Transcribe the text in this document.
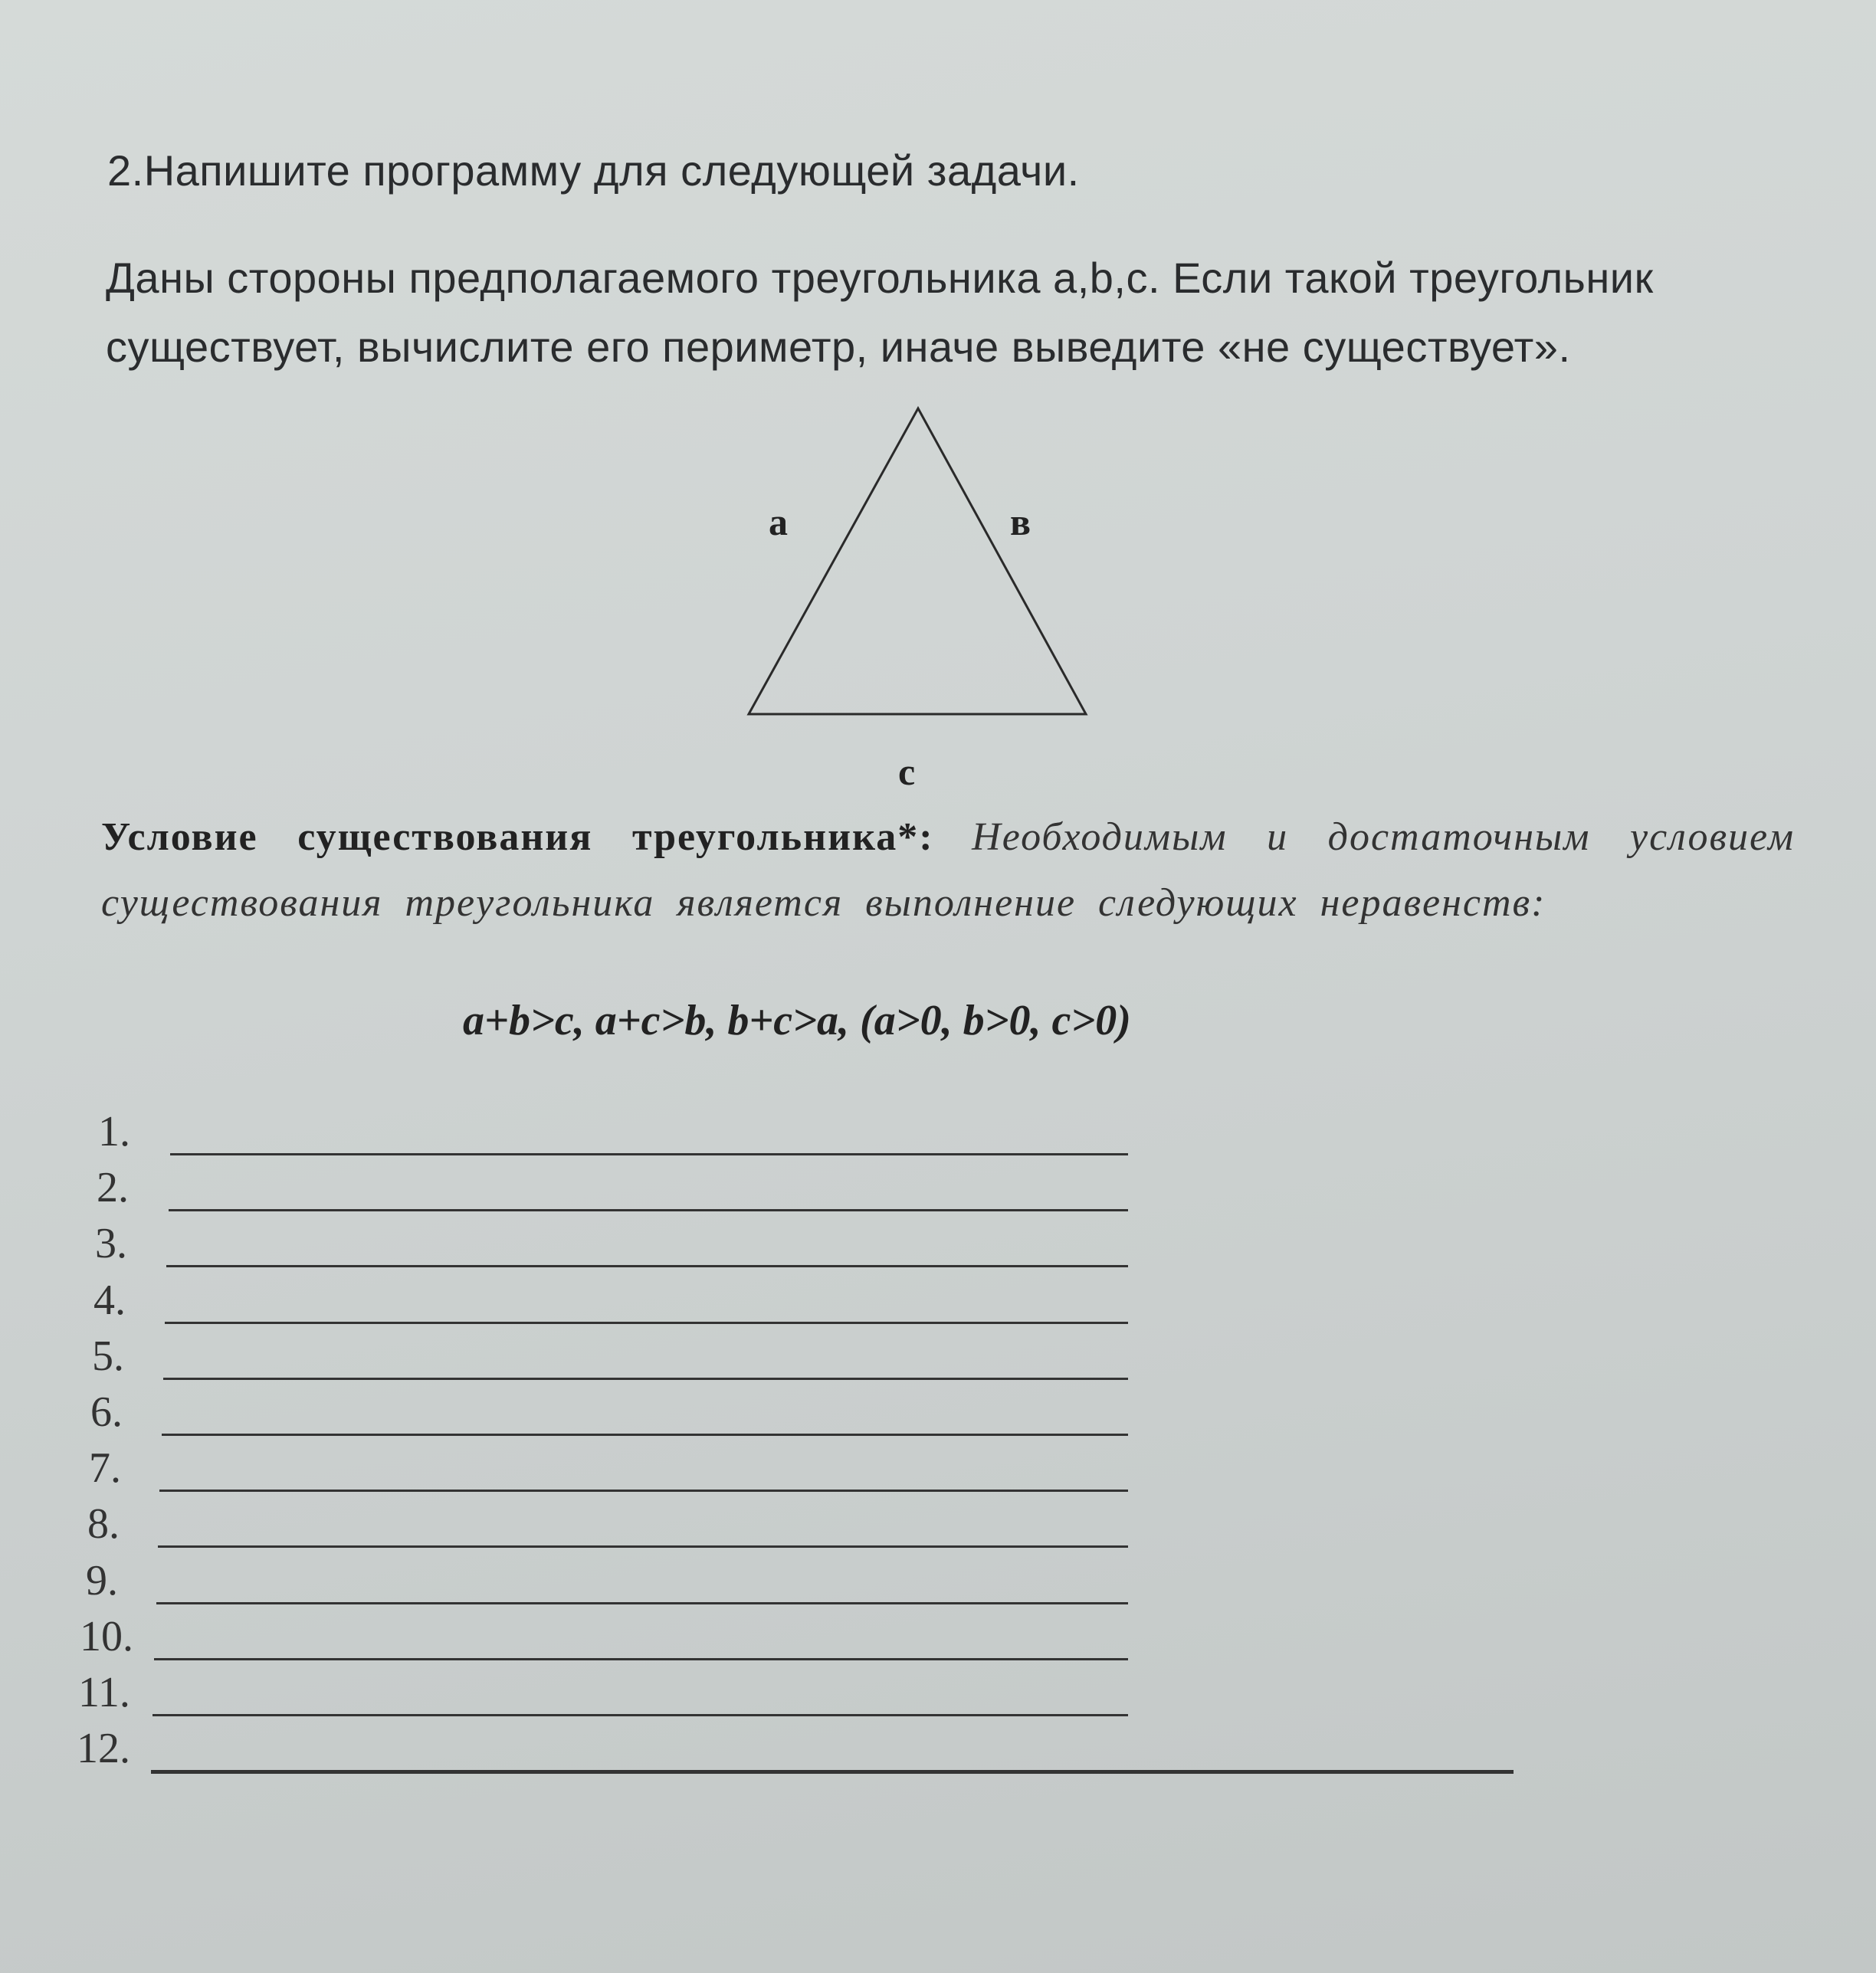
2.Напишите программу для следующей задачи.
Даны стороны предполагаемого треугольника a,b,c. Если такой треугольник
существует, вычислите его периметр, иначе выведите «не существует».
а	в
с
Условие существования треугольника*: Необходимым и достаточным условием существования треугольника является выполнение следующих неравенств:
a+b>c, a+c>b, b+c>a, (a>0, b>0, c>0)
1.
2.
3.
4.
5.
6.
7.
8.
9.
10.
11.
12.
